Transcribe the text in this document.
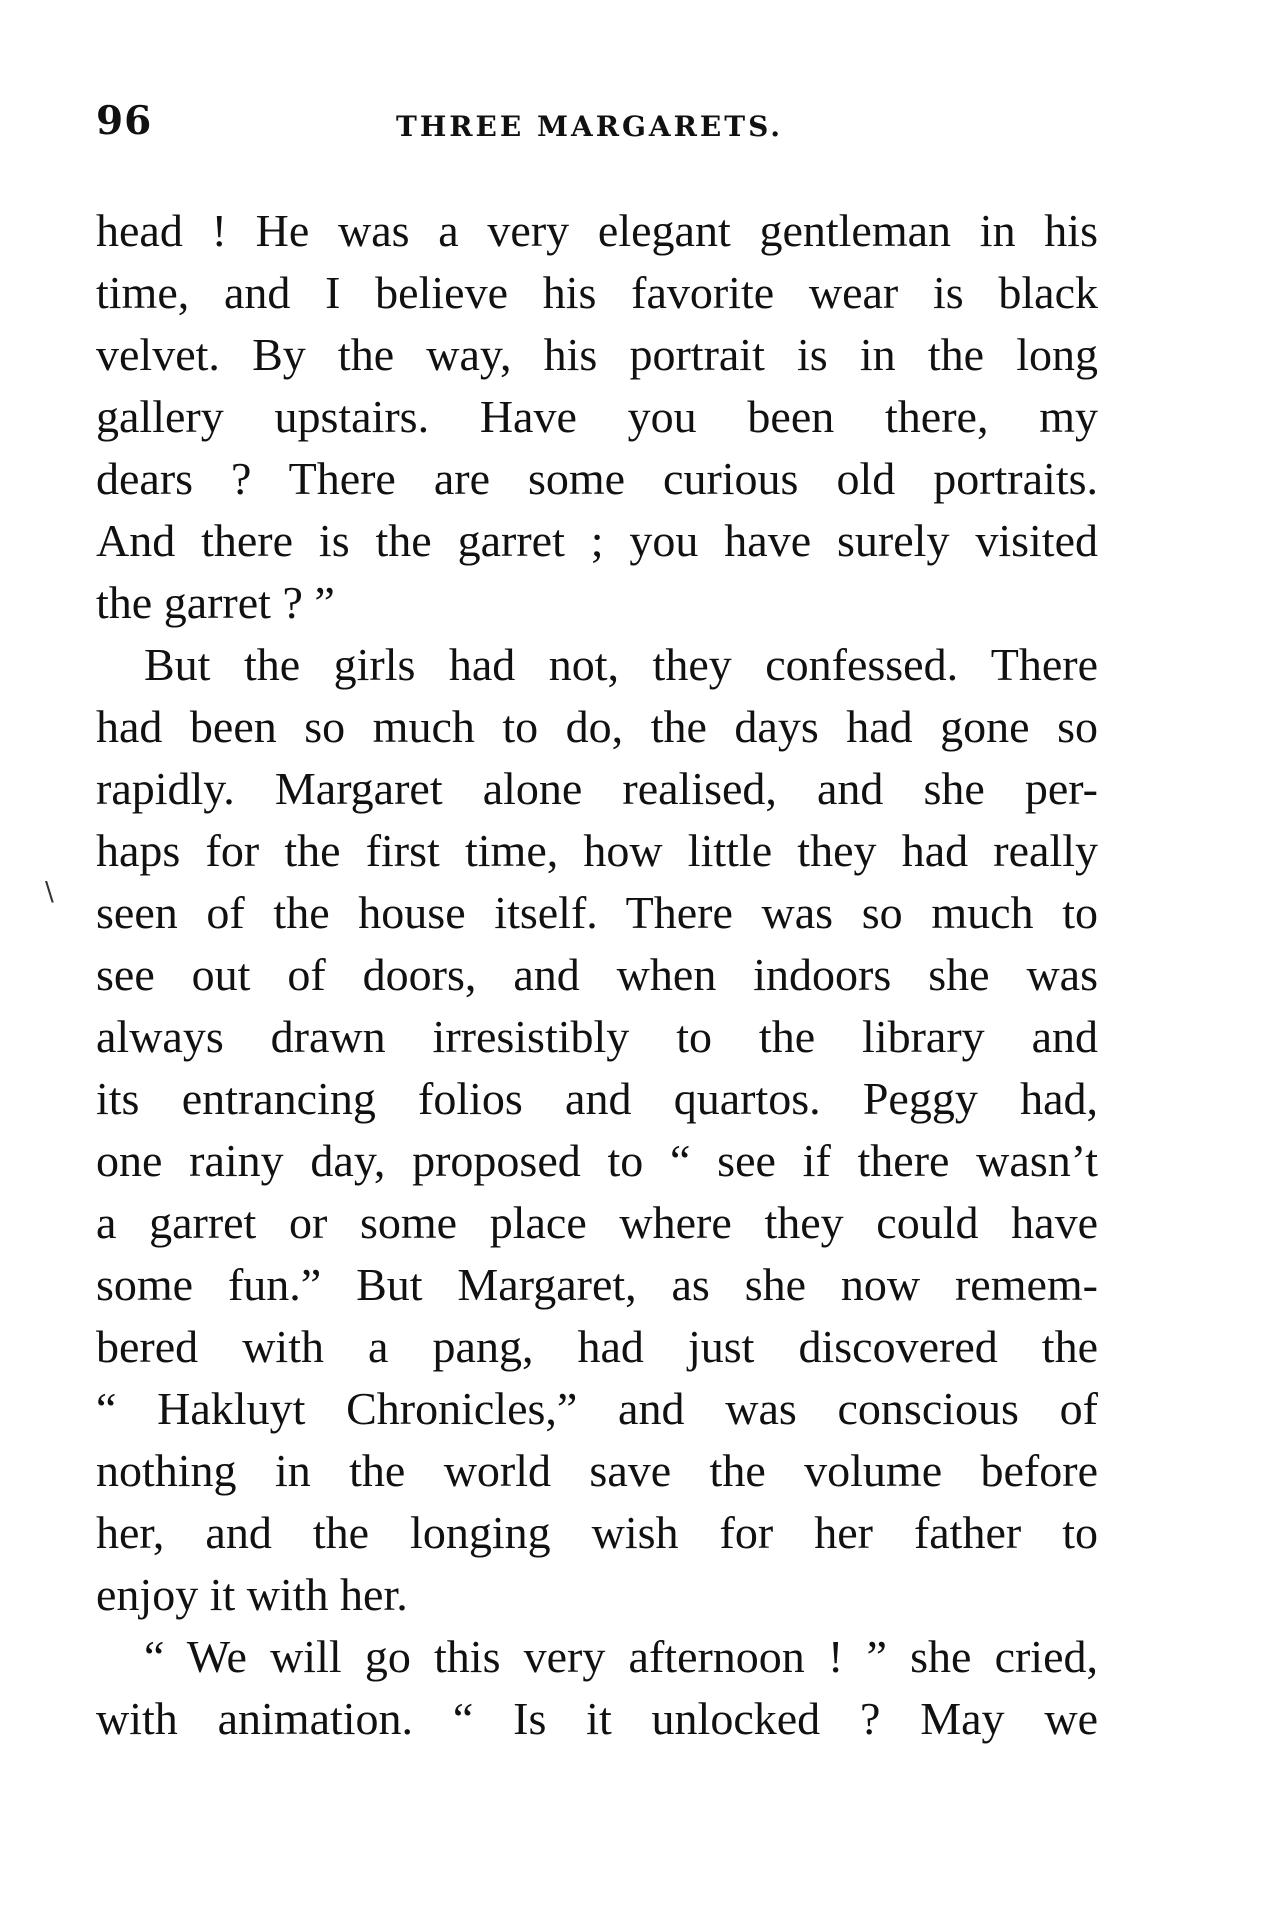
96	THREE MARGARETS.
head ! He was a very elegant gentleman in his
time, and I believe his favorite wear is black
velvet. By the way, his portrait is in the long
gallery upstairs. Have you been there, my
dears ? There are some curious old portraits.
And there is the garret ; you have surely visited
the garret ? ”
But the girls had not, they confessed. There
had been so much to do, the days had gone so
rapidly. Margaret alone realised, and she per-
haps for the first time, how little they had really
seen of the house itself. There was so much to
see out of doors, and when indoors she was
always drawn irresistibly to the library and
its entrancing folios and quartos. Peggy had,
one rainy day, proposed to “ see if there wasn’t
a garret or some place where they could have
some fun.” But Margaret, as she now remem-
bered with a pang, had just discovered the
“ Hakluyt Chronicles,” and was conscious of
nothing in the world save the volume before
her, and the longing wish for her father to
enjoy it with her.
“ We will go this very afternoon ! ” she cried,
with animation. “ Is it unlocked ? May we
∖
